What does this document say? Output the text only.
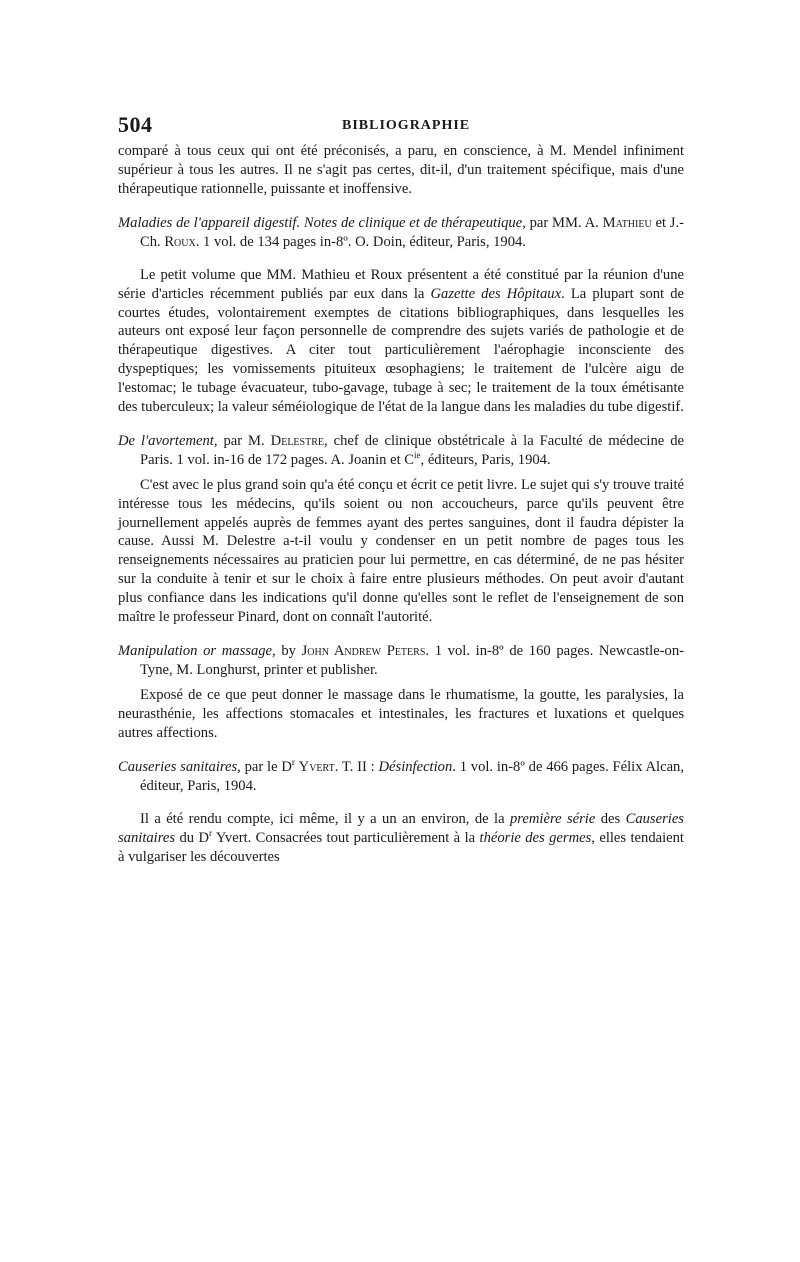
504	BIBLIOGRAPHIE

comparé à tous ceux qui ont été préconisés, a paru, en conscience, à M. Mendel infiniment supérieur à tous les autres. Il ne s'agit pas certes, dit-il, d'un traitement spécifique, mais d'une thérapeutique rationnelle, puissante et inoffensive.

Maladies de l'appareil digestif. Notes de clinique et de thérapeutique, par MM. A. Mathieu et J.-Ch. Roux. 1 vol. de 134 pages in-8º. O. Doin, éditeur, Paris, 1904.

Le petit volume que MM. Mathieu et Roux présentent a été constitué par la réunion d'une série d'articles récemment publiés par eux dans la Gazette des Hôpitaux. La plupart sont de courtes études, volontairement exemptes de citations bibliographiques, dans lesquelles les auteurs ont exposé leur façon personnelle de comprendre des sujets variés de pathologie et de thérapeutique digestives. A citer tout particulièrement l'aérophagie inconsciente des dyspeptiques; les vomissements pituiteux œsophagiens; le traitement de l'ulcère aigu de l'estomac; le tubage évacuateur, tubo-gavage, tubage à sec; le traitement de la toux émétisante des tuberculeux; la valeur séméiologique de l'état de la langue dans les maladies du tube digestif.

De l'avortement, par M. Delestre, chef de clinique obstétricale à la Faculté de médecine de Paris. 1 vol. in-16 de 172 pages. A. Joanin et $C^{ie}$, éditeurs, Paris, 1904.

C'est avec le plus grand soin qu'a été conçu et écrit ce petit livre. Le sujet qui s'y trouve traité intéresse tous les médecins, qu'ils soient ou non accoucheurs, parce qu'ils peuvent être journellement appelés auprès de femmes ayant des pertes sanguines, dont il faudra dépister la cause. Aussi M. Delestre a-t-il voulu y condenser en un petit nombre de pages tous les renseignements nécessaires au praticien pour lui permettre, en cas déterminé, de ne pas hésiter sur la conduite à tenir et sur le choix à faire entre plusieurs méthodes. On peut avoir d'autant plus confiance dans les indications qu'il donne qu'elles sont le reflet de l'enseignement de son maître le professeur Pinard, dont on connaît l'autorité.

Manipulation or massage, by John Andrew Peters. 1 vol. in-8º de 160 pages. Newcastle-on-Tyne, M. Longhurst, printer et publisher.

Exposé de ce que peut donner le massage dans le rhumatisme, la goutte, les paralysies, la neurasthénie, les affections stomacales et intestinales, les fractures et luxations et quelques autres affections.

Causeries sanitaires, par le $D^r$ Yvert. T. II : Désinfection. 1 vol. in-8º de 466 pages. Félix Alcan, éditeur, Paris, 1904.

Il a été rendu compte, ici même, il y a un an environ, de la première série des Causeries sanitaires du $D^r$ Yvert. Consacrées tout particulièrement à la théorie des germes, elles tendaient à vulgariser les découvertes
